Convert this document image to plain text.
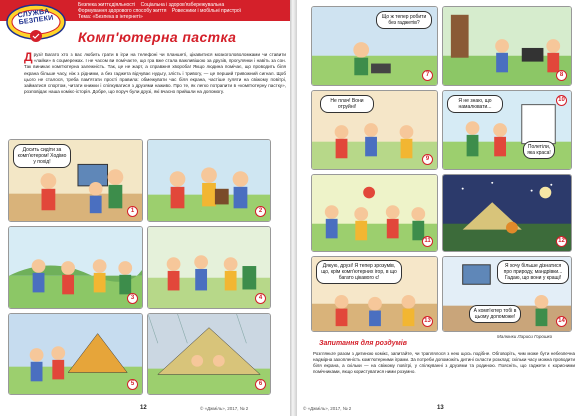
Безпека життєдіяльності Соціальна і здоров'язбережувальна Формування здорового способу життя Ровесники і мобільні пристрої Тема: «Безпека в інтернеті»
СЛУЖБА БЕЗПЕКИ
Комп'ютерна пастка
Друзі! Багато хто з вас любить грати в ігри на телефоні чи планшеті, цікавитися мозкоголоволомками чи ставити «лайки» в соцмережах. І не часом ви помічаєте, що гра вже стала важливішою за друзів, прогулянки і навіть за сон. Так виникає комп'ютерна залежність. Так, це не жарт, а справжня хвороба! Якщо людина помічає, що проводить біля екрана більше часу, ніж з рідними, а без гаджета відчуває нудьгу, злість і тривогу, — це перший тривожний сигнал. Щоб цього не сталося, треба пам'ятати прості правила: обмежувати час біля екрана, частіше гуляти на свіжому повітрі, займатися спортом, читати книжки і спілкуватися з друзями наживо. Про те, як легко потрапити в «комп'ютерну пастку», розповідає наша комікс-історія. Добре, що поруч були друзі, які вчасно прийшли на допомогу.
Досить сидіти за комп'ютером! Ходімо у похід!
1	2
3	4
5	6
12	© «Джміль», 2017, № 2
Що ж тепер робити без гаджетів?
7	8
Не плач! Вони отруйні!
9
Я не знаю, що намалювати...
Полетіли, яка краса!
10
11	12
Дякую, друзі! Я тепер зрозумів, що, крім комп'ютерних ігор, в що багато цікавого є!
13
Я хочу більше дізнатися про природу, мандрівки... Гадаю, що вони у кращі!
А комп'ютер тобі в цьому допоможе!
14
Малюнки Лариси Горошко
Запитання для роздумів
Розгляньте разом з дитиною комікс, запитайте, чи траплялося з нею щось подібне. Обговоріть, чим може бути небезпечна надмірна захопленість комп'ютерними іграми. За потреби допоможіть дитині скласти розклад: скільки часу можна проводити біля екрана, а скільки — на свіжому повітрі, у спілкуванні з друзями та родиною. Поясніть, що гаджети є корисними помічниками, якщо користуватися ними розумно.
© «Джміль», 2017, № 2	13
